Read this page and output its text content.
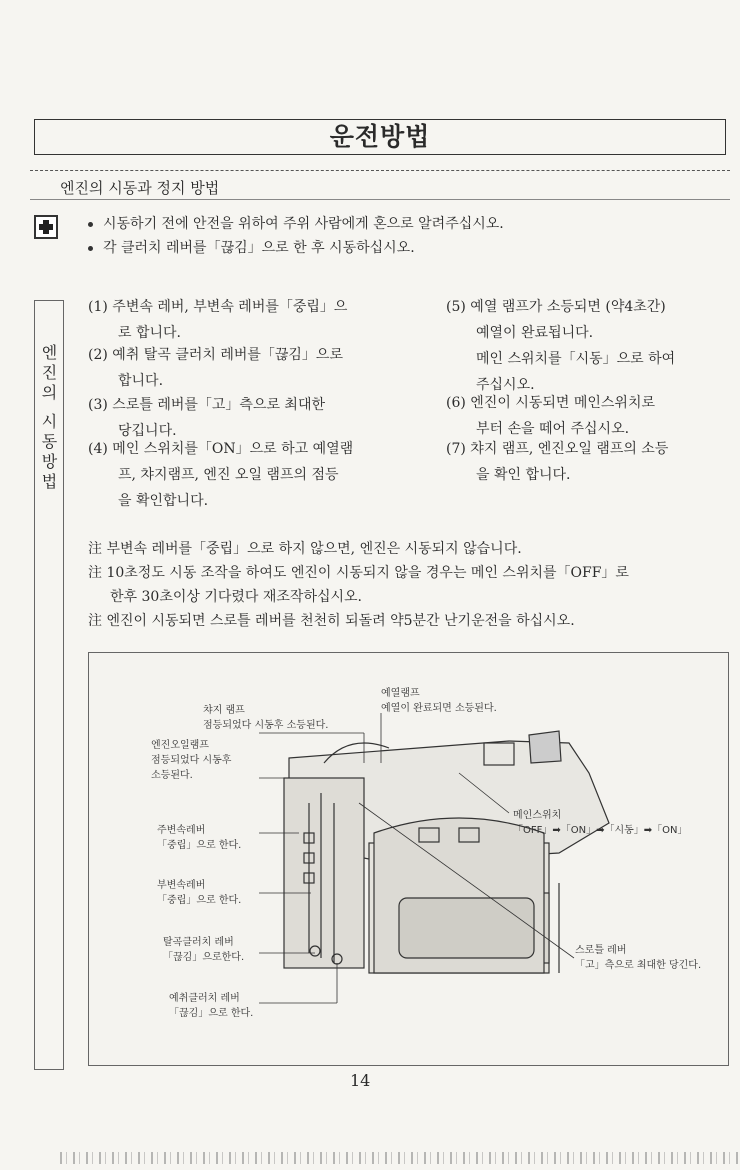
운전방법
엔진의 시동과 정지 방법
시동하기 전에 안전을 위하여 주위 사람에게 혼으로 알려주십시오.
각 클러치 레버를「끊김」으로 한 후 시동하십시오.
엔진의 시동방법
(1) 주변속 레버, 부변속 레버를「중립」으
로 합니다.
(2) 예취 탈곡 클러치 레버를「끊김」으로
합니다.
(3) 스로틀 레버를「고」측으로 최대한
당깁니다.
(4) 메인 스위치를「ON」으로 하고 예열램
프, 챠지램프, 엔진 오일 램프의 점등
을 확인합니다.
(5) 예열 램프가 소등되면 (약4초간)
예열이 완료됩니다.
메인 스위치를「시동」으로 하여
주십시오.
(6) 엔진이 시동되면 메인스위치로
부터 손을 떼어 주십시오.
(7) 챠지 램프, 엔진오일 램프의 소등
을 확인 합니다.
注 부변속 레버를「중립」으로 하지 않으면, 엔진은 시동되지 않습니다.
注 10초정도 시동 조작을 하여도 엔진이 시동되지 않을 경우는 메인 스위치를「OFF」로
한후 30초이상 기다렸다 재조작하십시오.
注 엔진이 시동되면 스로틀 레버를 천천히 되돌려 약5분간 난기운전을 하십시오.
챠지 램프
점등되었다 시동후 소등된다.
예열램프
예열이 완료되면 소등된다.
엔진오일램프
점등되었다 시동후
소등된다.
주변속레버
「중립」으로 한다.
부변속레버
「중립」으로 한다.
탈곡클러치 레버
「끊김」으로한다.
예취클러치 레버
「끊김」으로 한다.
메인스위치
「OFF」➡「ON」➡「시동」➡「ON」
스로틀 레버
「고」측으로 최대한 당긴다.
14
